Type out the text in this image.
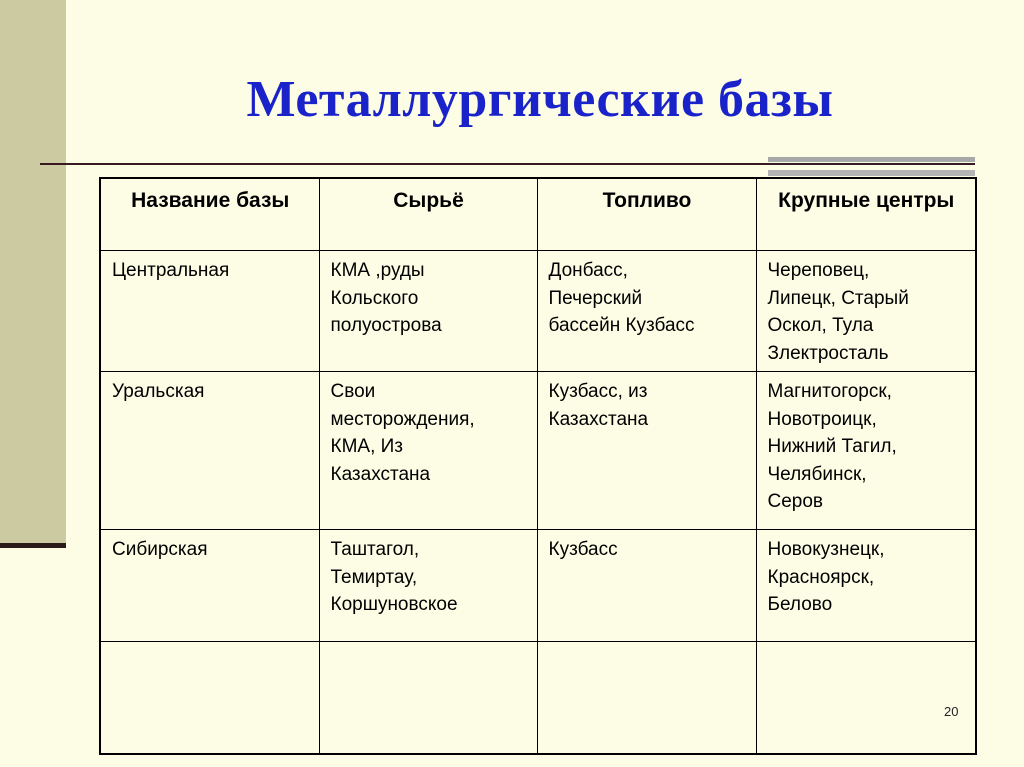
Металлургические базы
Название базы	Сырьё	Топливо	Крупные центры

Центральная	КМА ,руды
Кольского
полуострова	Донбасс,
Печерский
бассейн Кузбасс	Череповец,
Липецк, Старый
Оскол, Тула
Злектросталь

Уральская	Свои
месторождения,
КМА, Из
Казахстана	Кузбасс, из
Казахстана	Магнитогорск,
Новотроицк,
Нижний Тагил,
Челябинск,
Серов

Сибирская	Таштагол,
Темиртау,
Коршуновское	Кузбасс	Новокузнецк,
Красноярск,
Белово

20
